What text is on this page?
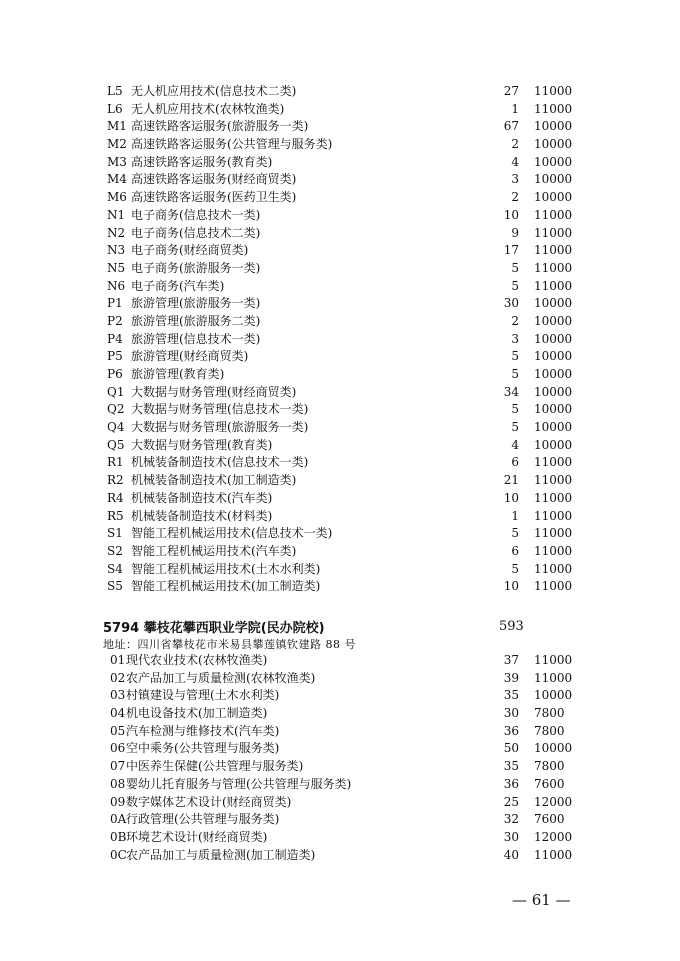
L5 无人机应用技术(信息技术二类)	27 11000
L6 无人机应用技术(农林牧渔类)	1 11000
M1 高速铁路客运服务(旅游服务一类)	67 10000
M2 高速铁路客运服务(公共管理与服务类)	2 10000
M3 高速铁路客运服务(教育类)	4 10000
M4 高速铁路客运服务(财经商贸类)	3 10000
M6 高速铁路客运服务(医药卫生类)	2 10000
N1 电子商务(信息技术一类)	10 11000
N2 电子商务(信息技术二类)	9 11000
N3 电子商务(财经商贸类)	17 11000
N5 电子商务(旅游服务一类)	5 11000
N6 电子商务(汽车类)	5 11000
P1 旅游管理(旅游服务一类)	30 10000
P2 旅游管理(旅游服务二类)	2 10000
P4 旅游管理(信息技术一类)	3 10000
P5 旅游管理(财经商贸类)	5 10000
P6 旅游管理(教育类)	5 10000
Q1 大数据与财务管理(财经商贸类)	34 10000
Q2 大数据与财务管理(信息技术一类)	5 10000
Q4 大数据与财务管理(旅游服务一类)	5 10000
Q5 大数据与财务管理(教育类)	4 10000
R1 机械装备制造技术(信息技术一类)	6 11000
R2 机械装备制造技术(加工制造类)	21 11000
R4 机械装备制造技术(汽车类)	10 11000
R5 机械装备制造技术(材料类)	1 11000
S1 智能工程机械运用技术(信息技术一类)	5 11000
S2 智能工程机械运用技术(汽车类)	6 11000
S4 智能工程机械运用技术(土木水利类)	5 11000
S5 智能工程机械运用技术(加工制造类)	10 11000
5794 攀枝花攀西职业学院(民办院校)	593
地址：四川省攀枝花市米易县攀莲镇钦建路 88 号
01 现代农业技术(农林牧渔类)	37 11000
02 农产品加工与质量检测(农林牧渔类)	39 11000
03 村镇建设与管理(土木水利类)	35 10000
04 机电设备技术(加工制造类)	30 7800
05 汽车检测与维修技术(汽车类)	36 7800
06 空中乘务(公共管理与服务类)	50 10000
07 中医养生保健(公共管理与服务类)	35 7800
08 婴幼儿托育服务与管理(公共管理与服务类)	36 7600
09 数字媒体艺术设计(财经商贸类)	25 12000
0A 行政管理(公共管理与服务类)	32 7600
0B 环境艺术设计(财经商贸类)	30 12000
0C 农产品加工与质量检测(加工制造类)	40 11000
— 61 —
